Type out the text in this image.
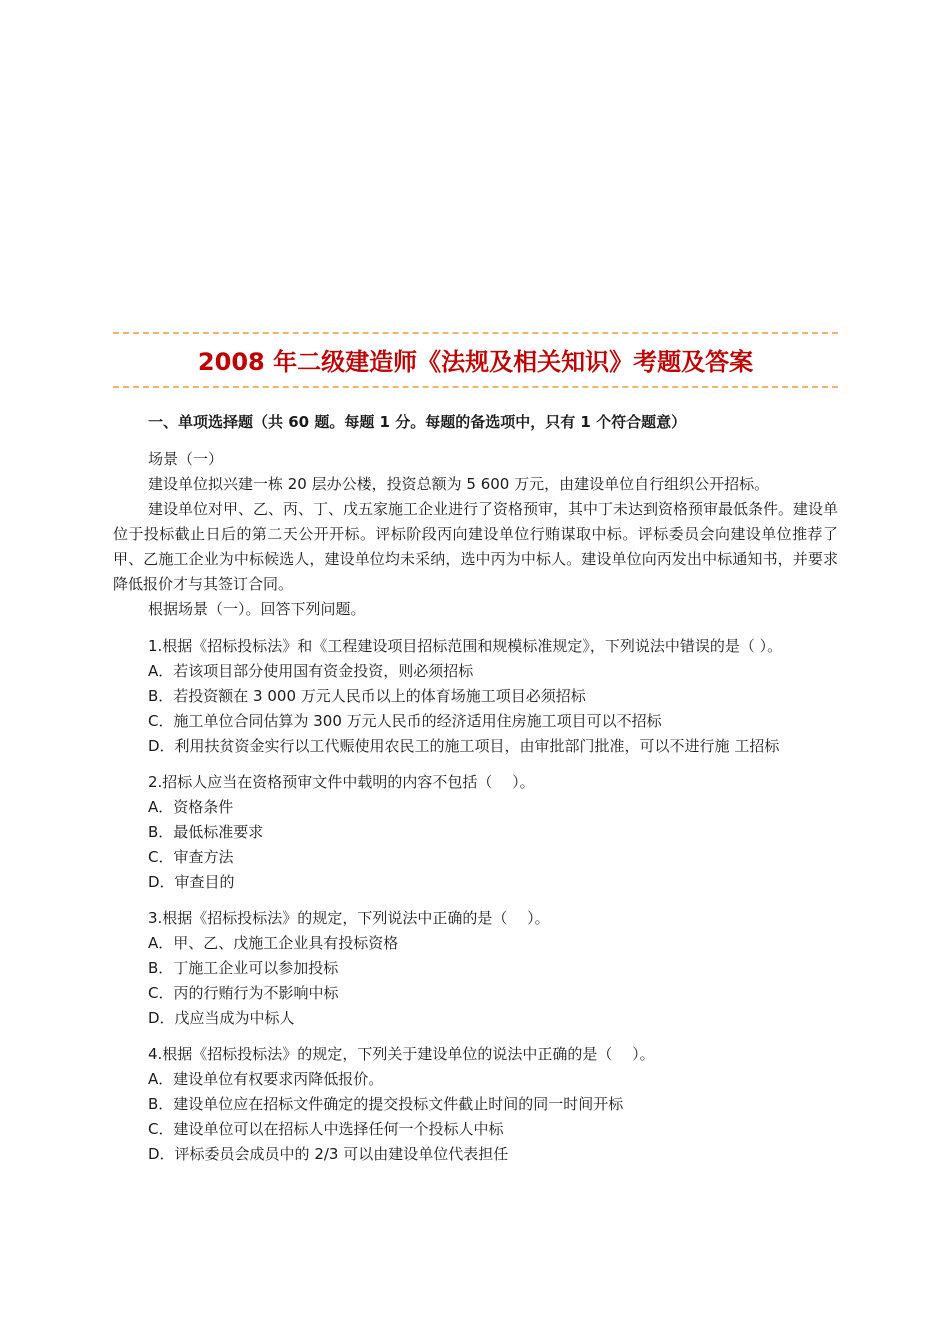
2008 年二级建造师《法规及相关知识》考题及答案

一、单项选择题（共 60 题。每题 1 分。每题的备选项中，只有 1 个符合题意）

场景（一）

建设单位拟兴建一栋 20 层办公楼，投资总额为 5 600 万元，由建设单位自行组织公开招标。

建设单位对甲、乙、丙、丁、戊五家施工企业进行了资格预审，其中丁未达到资格预审最低条件。建设单位于投标截止日后的第二天公开开标。评标阶段丙向建设单位行贿谋取中标。评标委员会向建设单位推荐了甲、乙施工企业为中标候选人，建设单位均未采纳，选中丙为中标人。建设单位向丙发出中标通知书，并要求降低报价才与其签订合同。

根据场景（一）。回答下列问题。

1.根据《招标投标法》和《工程建设项目招标范围和规模标准规定》，下列说法中错误的是（ ）。

A．若该项目部分使用国有资金投资，则必须招标

B．若投资额在 3 000 万元人民币以上的体育场施工项目必须招标

C．施工单位合同估算为 300 万元人民币的经济适用住房施工项目可以不招标

D．利用扶贫资金实行以工代赈使用农民工的施工项目，由审批部门批准，可以不进行施 工招标

2.招标人应当在资格预审文件中载明的内容不包括（　 ）。

A．资格条件

B．最低标准要求

C．审查方法

D．审查目的

3.根据《招标投标法》的规定，下列说法中正确的是（　 ）。

A．甲、乙、戊施工企业具有投标资格

B．丁施工企业可以参加投标

C．丙的行贿行为不影响中标

D．戊应当成为中标人

4.根据《招标投标法》的规定，下列关于建设单位的说法中正确的是（　 ）。

A．建设单位有权要求丙降低报价。

B．建设单位应在招标文件确定的提交投标文件截止时间的同一时间开标

C．建设单位可以在招标人中选择任何一个投标人中标

D．评标委员会成员中的 2/3 可以由建设单位代表担任
